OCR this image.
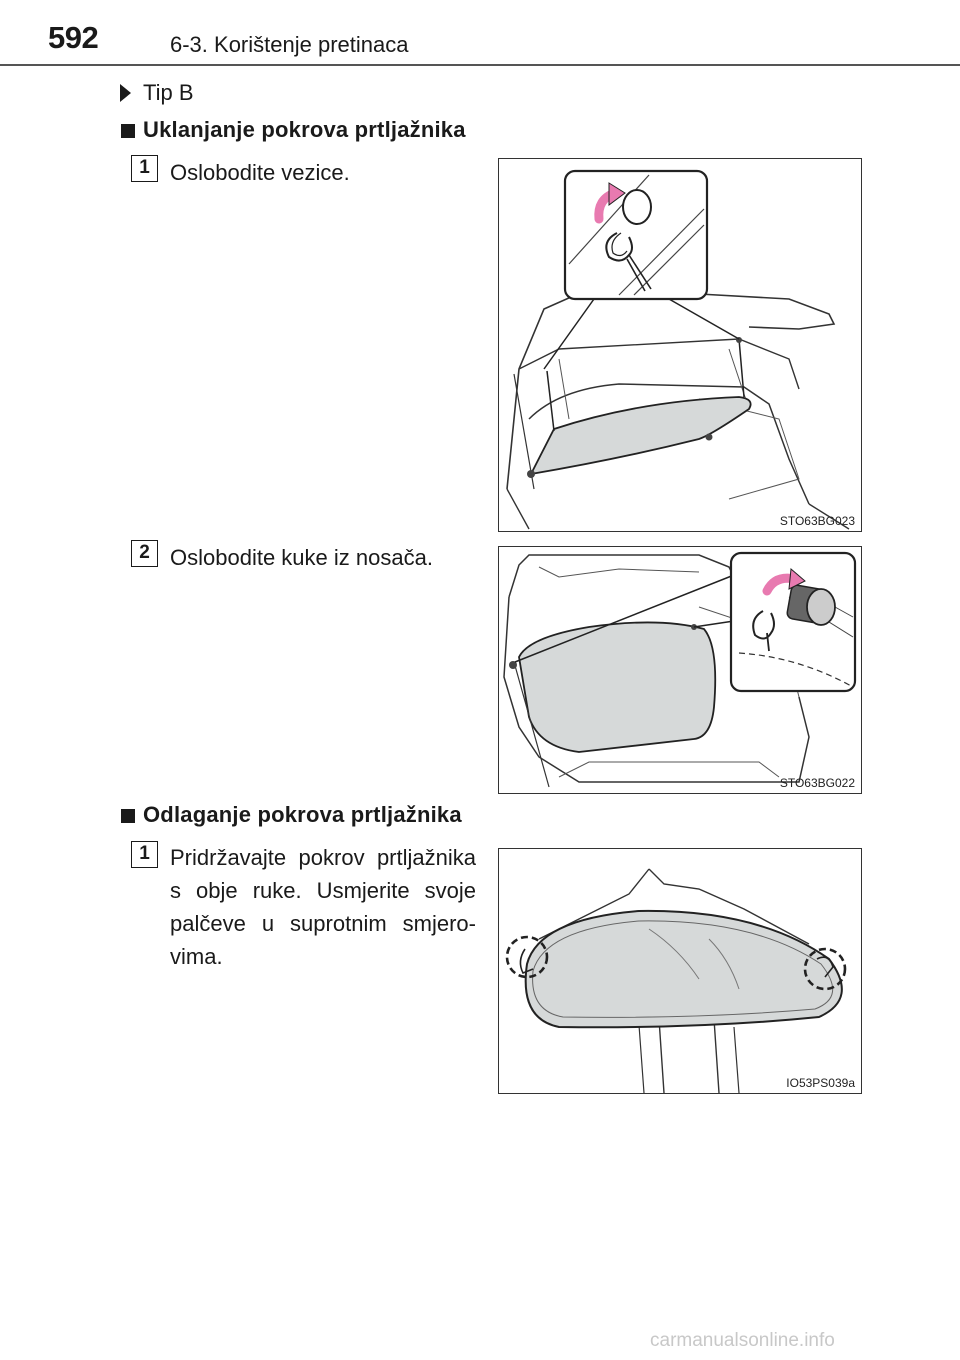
592	6-3. Korištenje pretinaca
Tip B
Uklanjanje pokrova prtljažnika
1 Oslobodite vezice.
STO63BG023
2 Oslobodite kuke iz nosača.
STO63BG022
Odlaganje pokrova prtljažnika
1 Pridržavajte pokrov prtljažnika s obje ruke. Usmjerite svoje palčeve u suprotnim smjero-vima.
IO53PS039a
carmanualsonline.info
